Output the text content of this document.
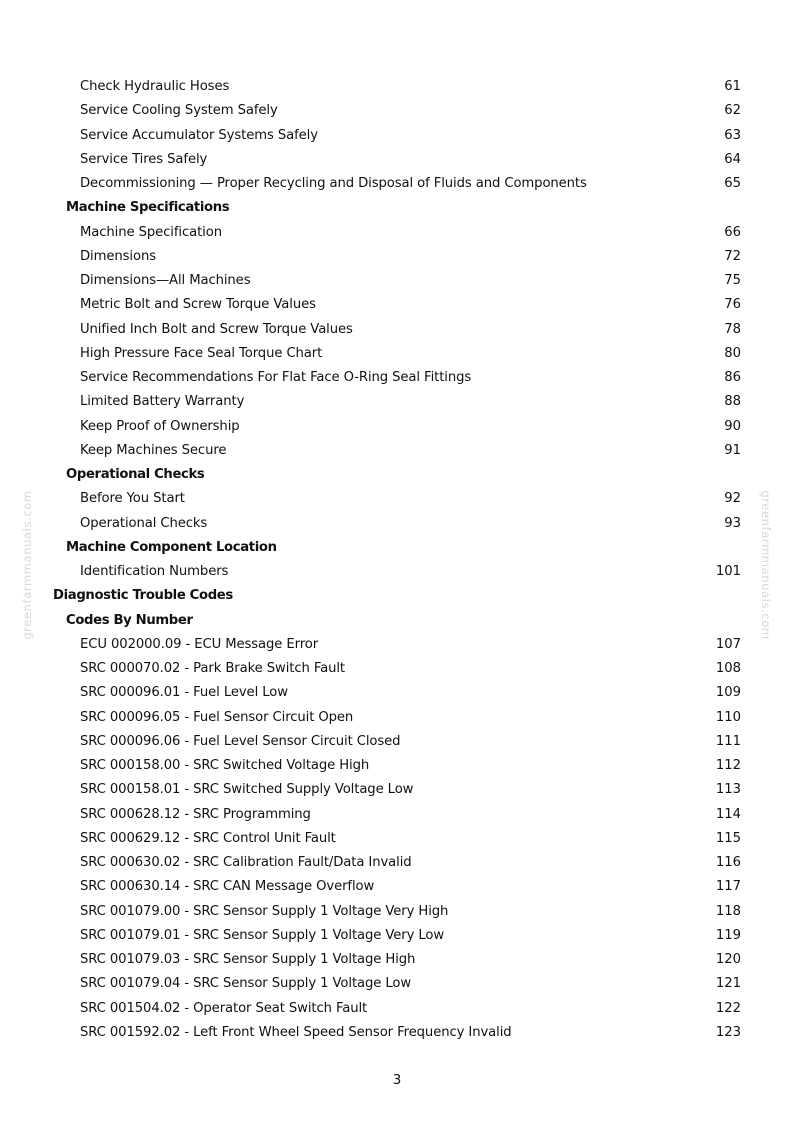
greenfarmmanuals.com	greenfarmmanuals.com
Check Hydraulic Hoses	61
Service Cooling System Safely	62
Service Accumulator Systems Safely	63
Service Tires Safely	64
Decommissioning — Proper Recycling and Disposal of Fluids and Components	65
Machine Specifications
Machine Specification	66
Dimensions	72
Dimensions—All Machines	75
Metric Bolt and Screw Torque Values	76
Unified Inch Bolt and Screw Torque Values	78
High Pressure Face Seal Torque Chart	80
Service Recommendations For Flat Face O-Ring Seal Fittings	86
Limited Battery Warranty	88
Keep Proof of Ownership	90
Keep Machines Secure	91
Operational Checks
Before You Start	92
Operational Checks	93
Machine Component Location
Identification Numbers	101
Diagnostic Trouble Codes
Codes By Number
ECU 002000.09 - ECU Message Error	107
SRC 000070.02 - Park Brake Switch Fault	108
SRC 000096.01 - Fuel Level Low	109
SRC 000096.05 - Fuel Sensor Circuit Open	110
SRC 000096.06 - Fuel Level Sensor Circuit Closed	111
SRC 000158.00 - SRC Switched Voltage High	112
SRC 000158.01 - SRC Switched Supply Voltage Low	113
SRC 000628.12 - SRC Programming	114
SRC 000629.12 - SRC Control Unit Fault	115
SRC 000630.02 - SRC Calibration Fault/Data Invalid	116
SRC 000630.14 - SRC CAN Message Overflow	117
SRC 001079.00 - SRC Sensor Supply 1 Voltage Very High	118
SRC 001079.01 - SRC Sensor Supply 1 Voltage Very Low	119
SRC 001079.03 - SRC Sensor Supply 1 Voltage High	120
SRC 001079.04 - SRC Sensor Supply 1 Voltage Low	121
SRC 001504.02 - Operator Seat Switch Fault	122
SRC 001592.02 - Left Front Wheel Speed Sensor Frequency Invalid	123
3
